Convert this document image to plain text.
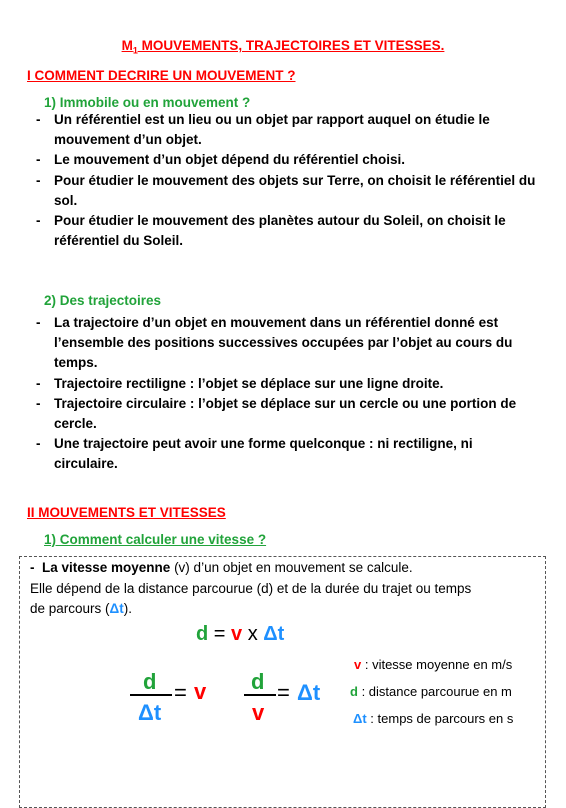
$M_1$ MOUVEMENTS, TRAJECTOIRES ET VITESSES.
I COMMENT DECRIRE UN MOUVEMENT ?
1) Immobile ou en mouvement ?
- Un référentiel est un lieu ou un objet par rapport auquel on étudie le mouvement d’un objet.
- Le mouvement d’un objet dépend du référentiel choisi.
- Pour étudier le mouvement des objets sur Terre, on choisit le référentiel du sol.
- Pour étudier le mouvement des planètes autour du Soleil, on choisit le référentiel du Soleil.
2) Des trajectoires
- La trajectoire d’un objet en mouvement dans un référentiel donné est l’ensemble des positions successives occupées par l’objet au cours du temps.
- Trajectoire rectiligne : l’objet se déplace sur une ligne droite.
- Trajectoire circulaire : l’objet se déplace sur un cercle ou une portion de cercle.
- Une trajectoire peut avoir une forme quelconque : ni rectiligne, ni circulaire.
II MOUVEMENTS ET VITESSES
1) Comment calculer une vitesse ?
-  La vitesse moyenne (v) d’un objet en mouvement se calcule.
Elle dépend de la distance parcourue (d) et de la durée du trajet ou temps
de parcours (Δt).
d = v x Δt
d
Δt
= v d
v
= Δt
v : vitesse moyenne en m/s
d : distance parcourue en m
Δt : temps de parcours en s
